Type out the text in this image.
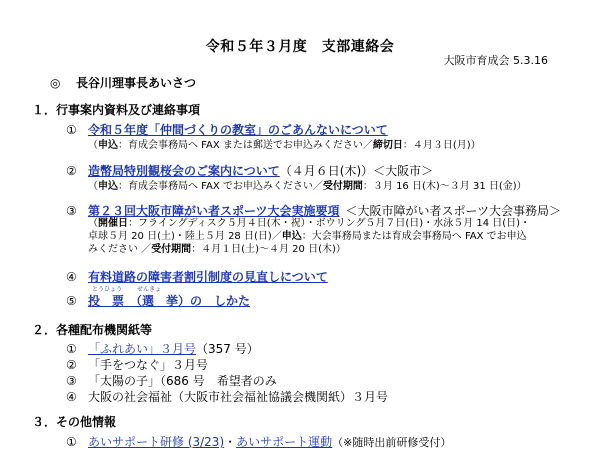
令和５年３月度　支部連絡会
大阪市育成会 5.3.16
◎ 長谷川理事長あいさつ
１．行事案内資料及び連絡事項
① 令和５年度「仲間づくりの教室」のごあんないについて
（申込：育成会事務局へ FAX または郵送でお申込みください／締切日：４月３日(月)）
② 造幣局特別観桜会のご案内について（４月６日(木)）＜大阪市＞
（申込：育成会事務局へ FAX でお申込みください／受付期間：３月 16 日(木)～３月 31 日(金)）
③ 第２３回大阪市障がい者スポーツ大会実施要項 ＜大阪市障がい者スポーツ大会事務局＞
（開催日：フライングディスク５月４日(木・祝）・ボウリング５月７日(日)・水泳５月 14 日(日)・
卓球５月 20 日(土)・陸上５月 28 日(日)／申込：大会事務局または育成会事務局へ FAX でお申込
みください ／受付期間：４月１日(土)～４月 20 日(木)）
④ 有料道路の障害者割引制度の見直しについて
とうひょう せんきょ
⑤ 投　票　（選　挙）の　しかた
２．各種配布機関紙等
① 「ふれあい」３月号（357 号）
② 「手をつなぐ」３月号
③ 「太陽の子」（686 号　希望者のみ
④ 大阪の社会福祉（大阪市社会福祉協議会機関紙）３月号
３．その他情報
① あいサポート研修 (3/23)・あいサポート運動（※随時出前研修受付）
